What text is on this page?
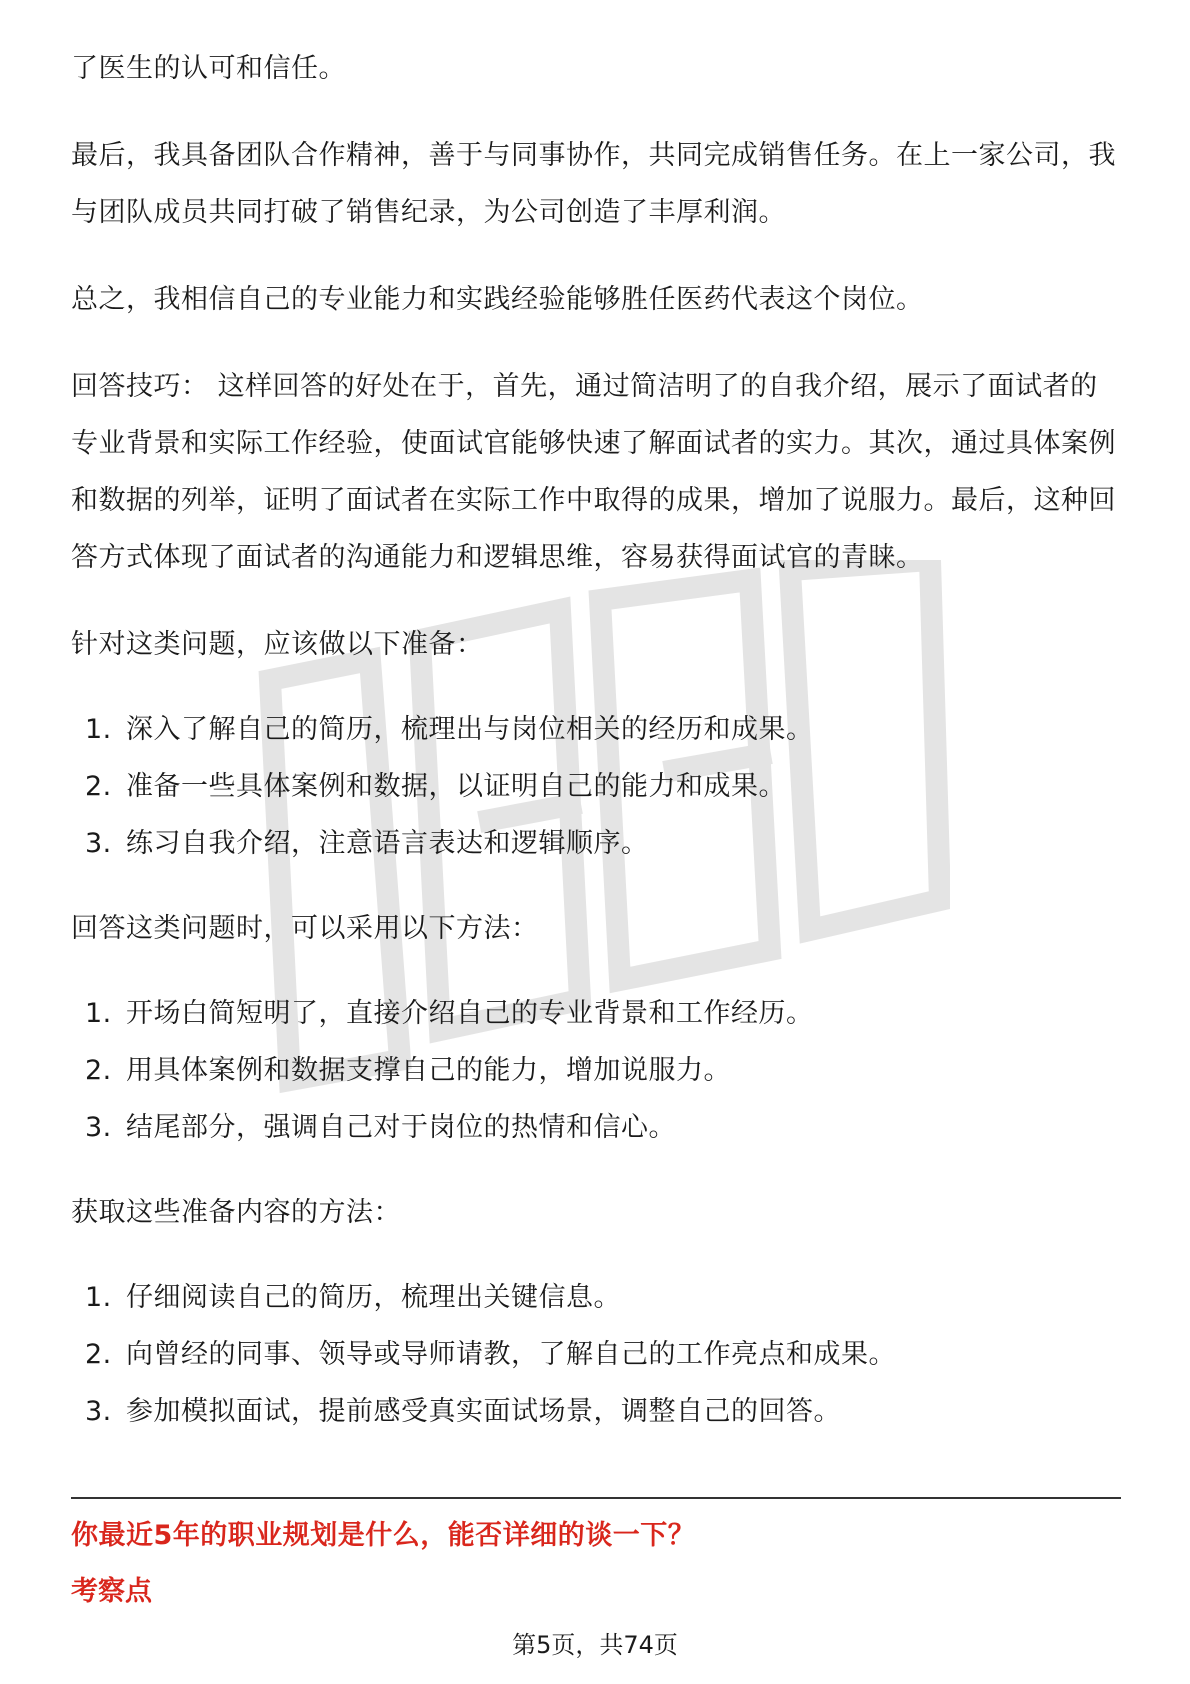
了医生的认可和信任。

最后，我具备团队合作精神，善于与同事协作，共同完成销售任务。在上一家公司，我与团队成员共同打破了销售纪录，为公司创造了丰厚利润。

总之，我相信自己的专业能力和实践经验能够胜任医药代表这个岗位。

回答技巧： 这样回答的好处在于，首先，通过简洁明了的自我介绍，展示了面试者的专业背景和实际工作经验，使面试官能够快速了解面试者的实力。其次，通过具体案例和数据的列举，证明了面试者在实际工作中取得的成果，增加了说服力。最后，这种回答方式体现了面试者的沟通能力和逻辑思维，容易获得面试官的青睐。

针对这类问题，应该做以下准备：

1. 深入了解自己的简历，梳理出与岗位相关的经历和成果。
2. 准备一些具体案例和数据，以证明自己的能力和成果。
3. 练习自我介绍，注意语言表达和逻辑顺序。

回答这类问题时，可以采用以下方法：

1. 开场白简短明了，直接介绍自己的专业背景和工作经历。
2. 用具体案例和数据支撑自己的能力，增加说服力。
3. 结尾部分，强调自己对于岗位的热情和信心。

获取这些准备内容的方法：

1. 仔细阅读自己的简历，梳理出关键信息。
2. 向曾经的同事、领导或导师请教，了解自己的工作亮点和成果。
3. 参加模拟面试，提前感受真实面试场景，调整自己的回答。
你最近5年的职业规划是什么，能否详细的谈一下？
考察点
第5页，共74页
